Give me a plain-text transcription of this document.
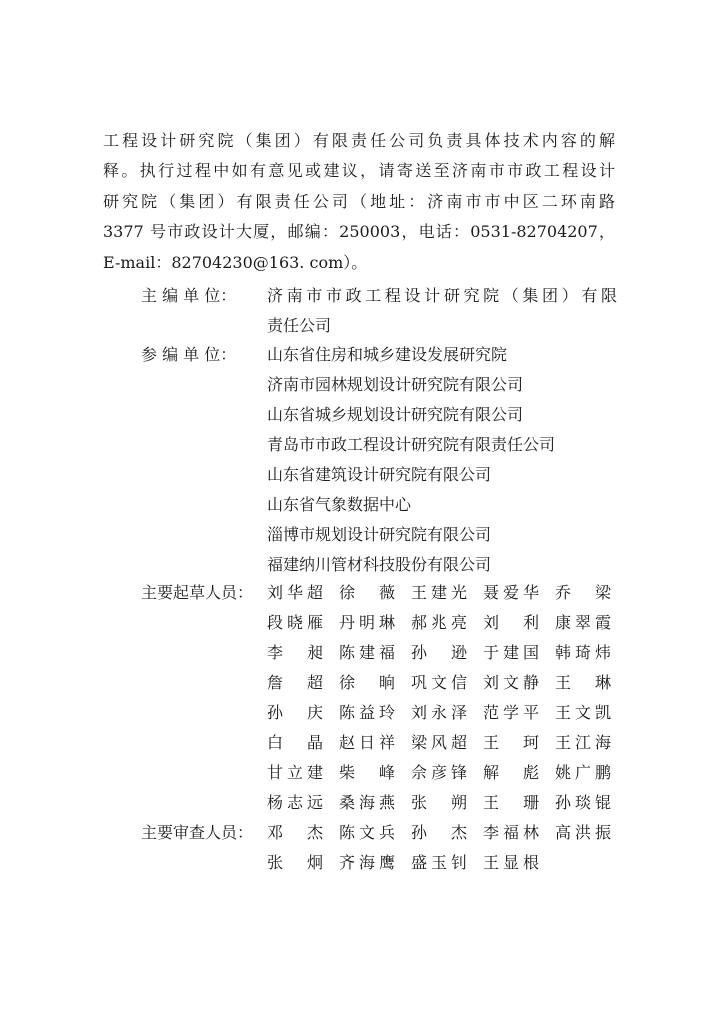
工程设计研究院（集团）有限责任公司负责具体技术内容的解
释。执行过程中如有意见或建议，请寄送至济南市市政工程设计
研究院（集团）有限责任公司（地址：济南市市中区二环南路
3377 号市政设计大厦，邮编：250003，电话：0531-82704207，
E-mail：82704230@163. com）。
主 编 单 位：	济南市市政工程设计研究院（集团）有限
责任公司
参 编 单 位：	山东省住房和城乡建设发展研究院
济南市园林规划设计研究院有限公司
山东省城乡规划设计研究院有限公司
青岛市市政工程设计研究院有限责任公司
山东省建筑设计研究院有限公司
山东省气象数据中心
淄博市规划设计研究院有限公司
福建纳川管材科技股份有限公司
主要起草人员： 刘华超 徐 薇 王建光 聂爱华 乔 梁
段晓雁 丹明琳 郝兆亮 刘 利 康翠霞
李 昶 陈建福 孙 逊 于建国 韩琦炜
詹 超 徐 晌 巩文信 刘文静 王 琳
孙 庆 陈益玲 刘永泽 范学平 王文凯
白 晶 赵日祥 梁风超 王 珂 王江海
甘立建 柴 峰 佘彦锋 解 彪 姚广鹏
杨志远 桑海燕 张 朔 王 珊 孙琰锟
主要审查人员： 邓 杰 陈文兵 孙 杰 李福林 高洪振
张 炯 齐海鹰 盛玉钊 王显根
